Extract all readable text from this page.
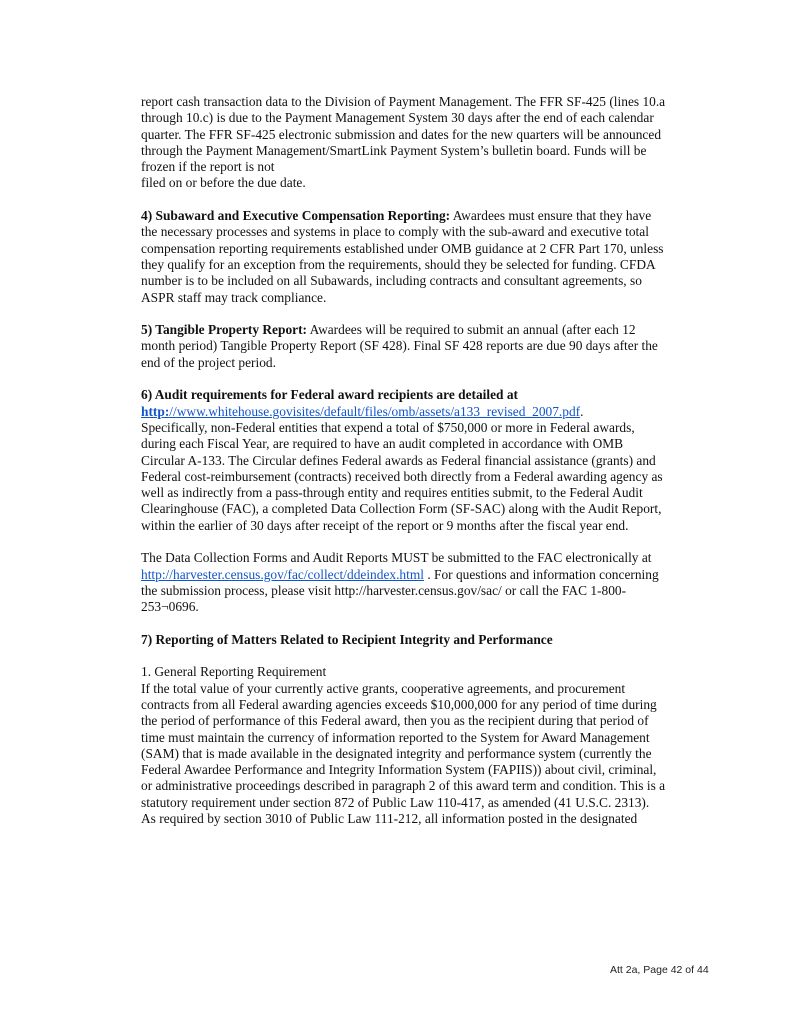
report cash transaction data to the Division of Payment Management. The FFR SF-425 (lines 10.a
through 10.c) is due to the Payment Management System 30 days after the end of each calendar
quarter. The FFR SF-425 electronic submission and dates for the new quarters will be announced
through the Payment Management/SmartLink Payment System’s bulletin board. Funds will be
frozen if the report is not
filed on or before the due date.
4) Subaward and Executive Compensation Reporting: Awardees must ensure that they have
the necessary processes and systems in place to comply with the sub-award and executive total
compensation reporting requirements established under OMB guidance at 2 CFR Part 170, unless
they qualify for an exception from the requirements, should they be selected for funding. CFDA
number is to be included on all Subawards, including contracts and consultant agreements, so
ASPR staff may track compliance.
5) Tangible Property Report: Awardees will be required to submit an annual (after each 12
month period) Tangible Property Report (SF 428). Final SF 428 reports are due 90 days after the
end of the project period.
6) Audit requirements for Federal award recipients are detailed at
http://www.whitehouse.govisites/default/files/omb/assets/a133_revised_2007.pdf.
Specifically, non-Federal entities that expend a total of $750,000 or more in Federal awards,
during each Fiscal Year, are required to have an audit completed in accordance with OMB
Circular A-133. The Circular defines Federal awards as Federal financial assistance (grants) and
Federal cost-reimbursement (contracts) received both directly from a Federal awarding agency as
well as indirectly from a pass-through entity and requires entities submit, to the Federal Audit
Clearinghouse (FAC), a completed Data Collection Form (SF-SAC) along with the Audit Report,
within the earlier of 30 days after receipt of the report or 9 months after the fiscal year end.
The Data Collection Forms and Audit Reports MUST be submitted to the FAC electronically at
http://harvester.census.gov/fac/collect/ddeindex.html . For questions and information concerning
the submission process, please visit http://harvester.census.gov/sac/ or call the FAC 1-800-
253¬0696.
7) Reporting of Matters Related to Recipient Integrity and Performance
1. General Reporting Requirement
If the total value of your currently active grants, cooperative agreements, and procurement
contracts from all Federal awarding agencies exceeds $10,000,000 for any period of time during
the period of performance of this Federal award, then you as the recipient during that period of
time must maintain the currency of information reported to the System for Award Management
(SAM) that is made available in the designated integrity and performance system (currently the
Federal Awardee Performance and Integrity Information System (FAPIIS)) about civil, criminal,
or administrative proceedings described in paragraph 2 of this award term and condition. This is a
statutory requirement under section 872 of Public Law 110-417, as amended (41 U.S.C. 2313).
As required by section 3010 of Public Law 111-212, all information posted in the designated
Att 2a, Page 42 of 44
